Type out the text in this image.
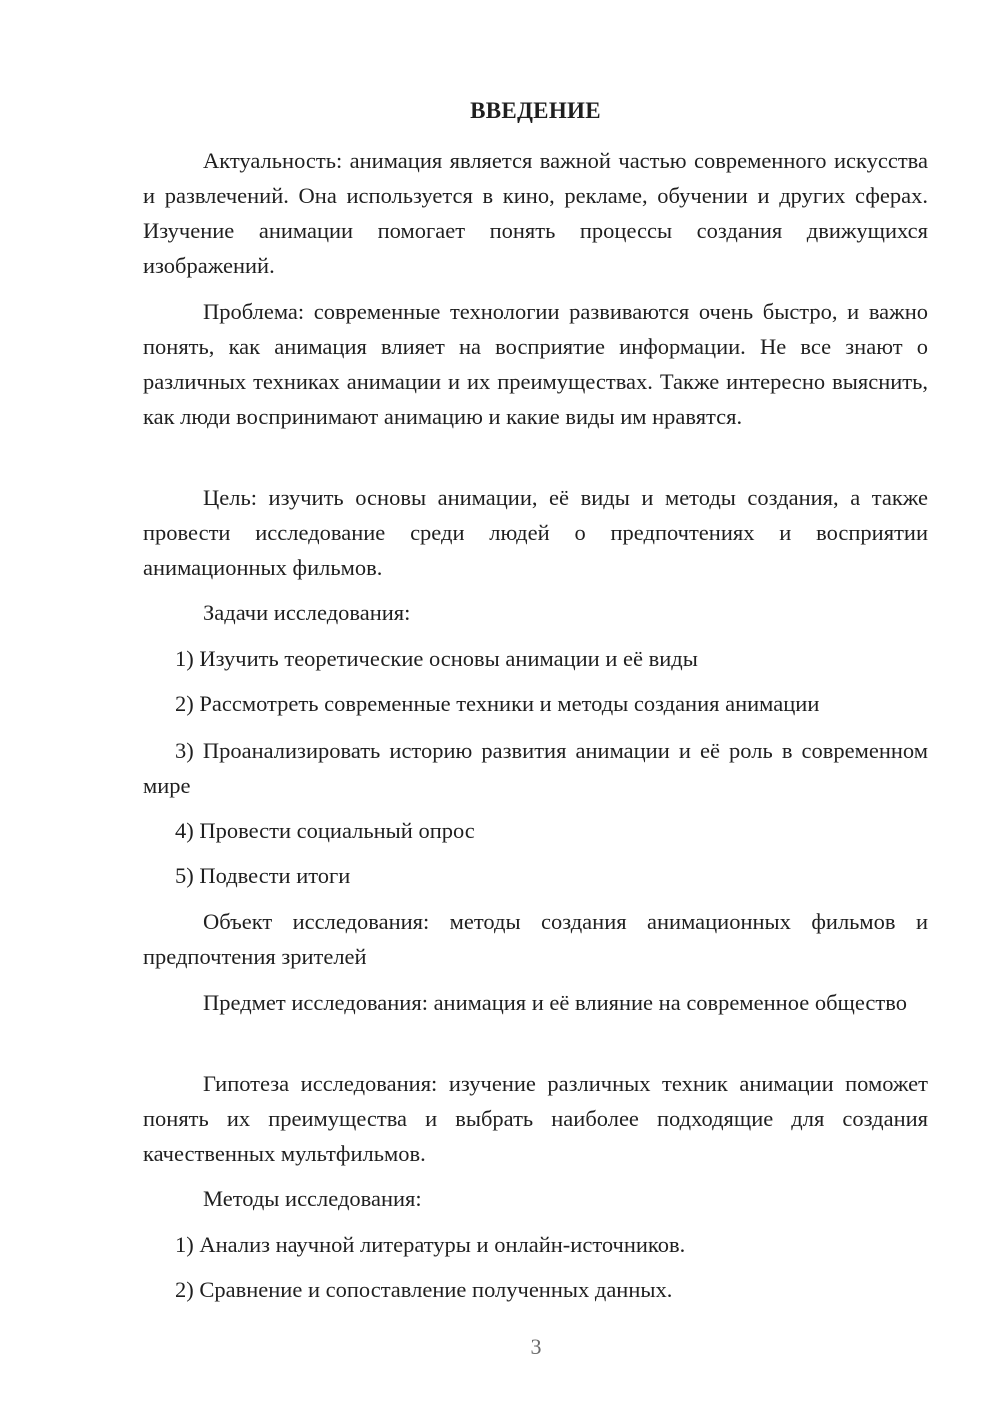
ВВЕДЕНИЕ

Актуальность: анимация является важной частью современного искусства и развлечений. Она используется в кино, рекламе, обучении и других сферах. Изучение анимации помогает понять процессы создания движущихся изображений.

Проблема: современные технологии развиваются очень быстро, и важно понять, как анимация влияет на восприятие информации. Не все знают о различных техниках анимации и их преимуществах. Также интересно выяснить, как люди воспринимают анимацию и какие виды им нравятся.

Цель: изучить основы анимации, её виды и методы создания, а также провести исследование среди людей о предпочтениях и восприятии анимационных фильмов.

Задачи исследования:

1) Изучить теоретические основы анимации и её виды

2) Рассмотреть современные техники и методы создания анимации

3) Проанализировать историю развития анимации и её роль в современном мире

4) Провести социальный опрос

5) Подвести итоги

Объект исследования: методы создания анимационных фильмов и предпочтения зрителей

Предмет исследования: анимация и её влияние на современное общество

Гипотеза исследования: изучение различных техник анимации поможет понять их преимущества и выбрать наиболее подходящие для создания качественных мультфильмов.

Методы исследования:

1) Анализ научной литературы и онлайн-источников.

2) Сравнение и сопоставление полученных данных.

3
